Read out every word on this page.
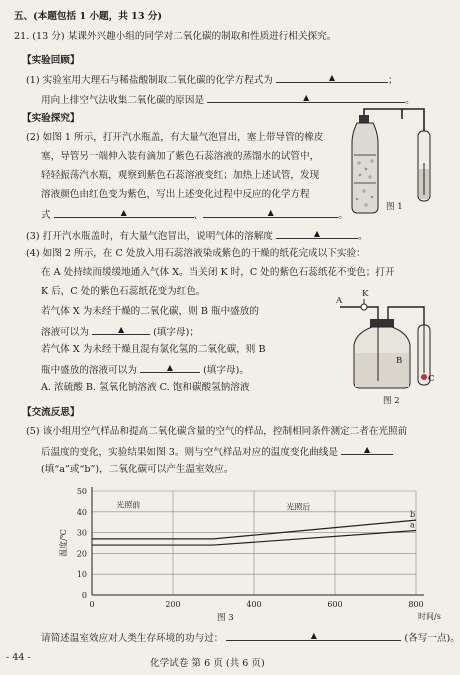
五、(本题包括 1 小题，共 13 分)
21. (13 分) 某课外兴趣小组的同学对二氧化碳的制取和性质进行相关探究。
【实验回顾】
(1) 实验室用大理石与稀盐酸制取二氧化碳的化学方程式为	▲	；
用向上排空气法收集二氧化碳的原因是	▲	。
【实验探究】
(2) 如图 1 所示，打开汽水瓶盖，有大量气泡冒出，塞上带导管的橡皮
塞，导管另一端伸入装有滴加了紫色石蕊溶液的蒸馏水的试管中，
轻轻振荡汽水瓶，观察到紫色石蕊溶液变红；加热上述试管，发现
溶液颜色由红色变为紫色，写出上述变化过程中反应的化学方程
式	▲	、	▲	。
图 1
(3) 打开汽水瓶盖时，有大量气泡冒出，说明气体的溶解度	▲	。
(4) 如图 2 所示，在 C 处放入用石蕊溶液染成紫色的干燥的纸花完成以下实验：
在 A 处持续而缓缓地通入气体 X。当关闭 K 时，C 处的紫色石蕊纸花不变色；打开
K 后，C 处的紫色石蕊纸花变为红色。
若气体 X 为未经干燥的二氧化碳，则 B 瓶中盛放的
溶液可以为	▲	(填字母)；
若气体 X 为未经干燥且混有氯化氢的二氧化碳，则 B
瓶中盛放的溶液可以为	▲	(填字母)。
A. 浓硫酸 B. 氢氧化钠溶液 C. 饱和碳酸氢钠溶液
A
K
B
C
图 2
【交流反思】
(5) 该小组用空气样品和提高二氧化碳含量的空气的样品，控制相同条件测定二者在光照前
后温度的变化，实验结果如图 3。则与空气样品对应的温度变化曲线是	▲
(填“a”或“b”)，二氧化碳可以产生温室效应。
0
10
20
30
40
50
0	200	400	600	800
时间/s
温度/℃
a
b
光照前	光照后
图 3
请简述温室效应对人类生存环境的功与过：	▲	(各写一点)。
- 44 -
化学试卷 第 6 页 (共 6 页)
